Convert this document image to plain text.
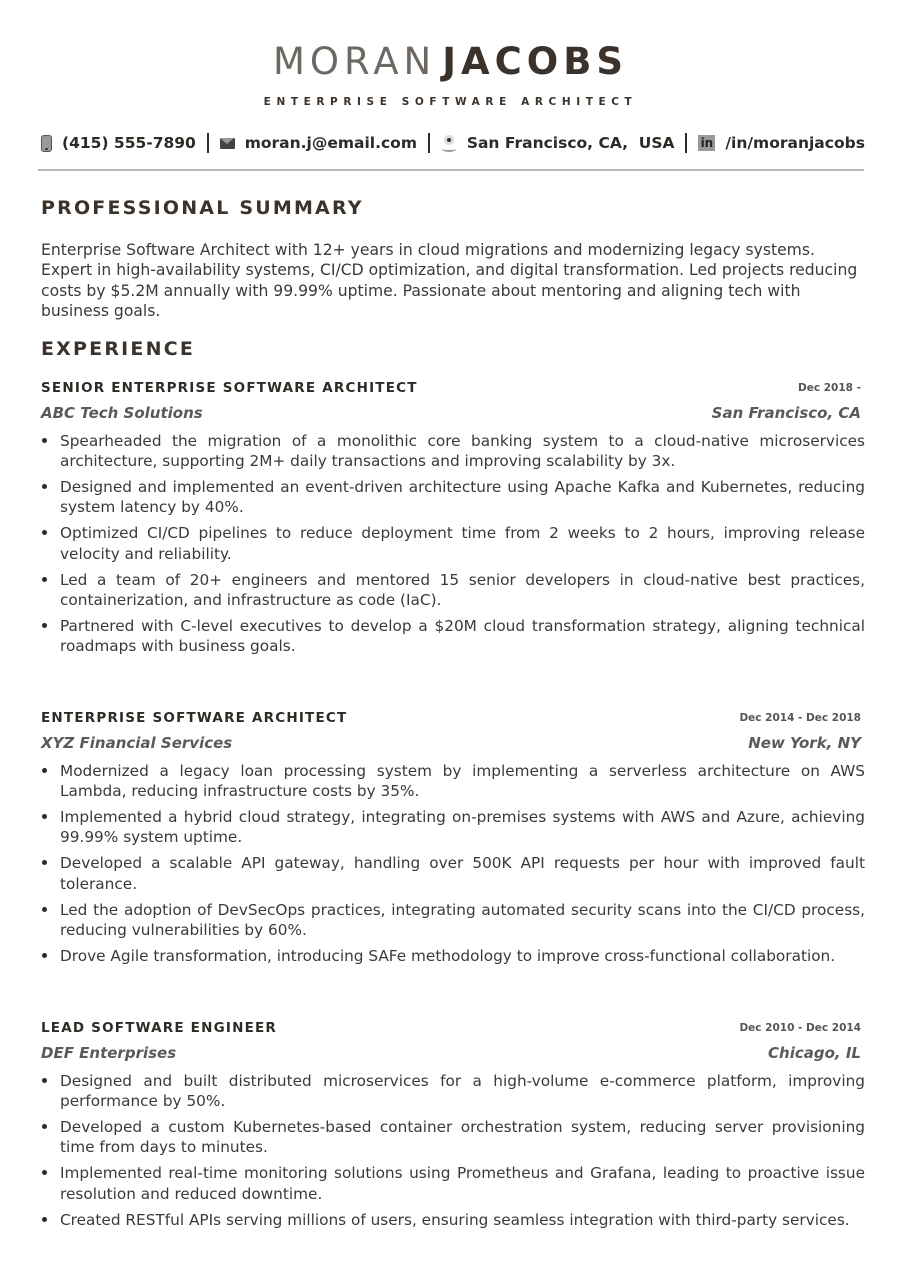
MORAN JACOBS
ENTERPRISE SOFTWARE ARCHITECT
(415) 555-7890	moran.j@email.com	San Francisco, CA,  USA in /in/moranjacobs
PROFESSIONAL SUMMARY
Enterprise Software Architect with 12+ years in cloud migrations and modernizing legacy systems. Expert in high-availability systems, CI/CD optimization, and digital transformation. Led projects reducing costs by $5.2M annually with 99.99% uptime. Passionate about mentoring and aligning tech with business goals.
EXPERIENCE
SENIOR ENTERPRISE SOFTWARE ARCHITECT	Dec 2018 -
ABC Tech Solutions	San Francisco, CA
Spearheaded the migration of a monolithic core banking system to a cloud-native microservices architecture, supporting 2M+ daily transactions and improving scalability by 3x.
Designed and implemented an event-driven architecture using Apache Kafka and Kubernetes, reducing system latency by 40%.
Optimized CI/CD pipelines to reduce deployment time from 2 weeks to 2 hours, improving release velocity and reliability.
Led a team of 20+ engineers and mentored 15 senior developers in cloud-native best practices, containerization, and infrastructure as code (IaC).
Partnered with C-level executives to develop a $20M cloud transformation strategy, aligning technical roadmaps with business goals.
ENTERPRISE SOFTWARE ARCHITECT	Dec 2014 - Dec 2018
XYZ Financial Services	New York, NY
Modernized a legacy loan processing system by implementing a serverless architecture on AWS Lambda, reducing infrastructure costs by 35%.
Implemented a hybrid cloud strategy, integrating on-premises systems with AWS and Azure, achieving 99.99% system uptime.
Developed a scalable API gateway, handling over 500K API requests per hour with improved fault tolerance.
Led the adoption of DevSecOps practices, integrating automated security scans into the CI/CD process, reducing vulnerabilities by 60%.
Drove Agile transformation, introducing SAFe methodology to improve cross-functional collaboration.
LEAD SOFTWARE ENGINEER	Dec 2010 - Dec 2014
DEF Enterprises	Chicago, IL
Designed and built distributed microservices for a high-volume e-commerce platform, improving performance by 50%.
Developed a custom Kubernetes-based container orchestration system, reducing server provisioning time from days to minutes.
Implemented real-time monitoring solutions using Prometheus and Grafana, leading to proactive issue resolution and reduced downtime.
Created RESTful APIs serving millions of users, ensuring seamless integration with third-party services.
